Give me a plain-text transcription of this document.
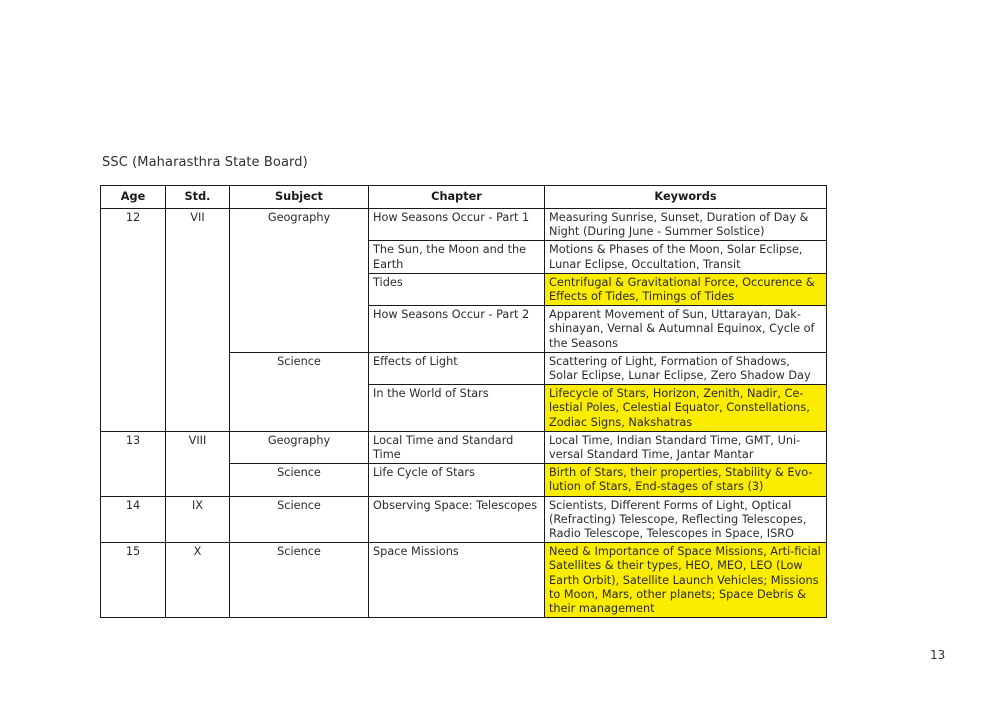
SSC (Maharasthra State Board)
Age	Std.	Subject	Chapter	Keywords
12	VII	Geography	How Seasons Occur - Part 1	Measuring Sunrise, Sunset, Duration of Day & Night (During June - Summer Solstice)
			The Sun, the Moon and the Earth	Motions & Phases of the Moon, Solar Eclipse, Lunar Eclipse, Occultation, Transit
			Tides	Centrifugal & Gravitational Force, Occurence & Effects of Tides, Timings of Tides
			How Seasons Occur - Part 2	Apparent Movement of Sun, Uttarayan, Dak-shinayan, Vernal & Autumnal Equinox, Cycle of the Seasons
		Science	Effects of Light	Scattering of Light, Formation of Shadows, Solar Eclipse, Lunar Eclipse, Zero Shadow Day
			In the World of Stars	Lifecycle of Stars, Horizon, Zenith, Nadir, Ce-lestial Poles, Celestial Equator, Constellations, Zodiac Signs, Nakshatras
13	VIII	Geography	Local Time and Standard Time	Local Time, Indian Standard Time, GMT, Uni-versal Standard Time, Jantar Mantar
		Science	Life Cycle of Stars	Birth of Stars, their properties, Stability & Evo-lution of Stars, End-stages of stars (3)
14	IX	Science	Observing Space: Telescopes	Scientists, Different Forms of Light, Optical (Refracting) Telescope, Reflecting Telescopes, Radio Telescope, Telescopes in Space, ISRO
15	X	Science	Space Missions	Need & Importance of Space Missions, Arti-ficial Satellites & their types, HEO, MEO, LEO (Low Earth Orbit), Satellite Launch Vehicles; Missions to Moon, Mars, other planets; Space Debris & their management
13
